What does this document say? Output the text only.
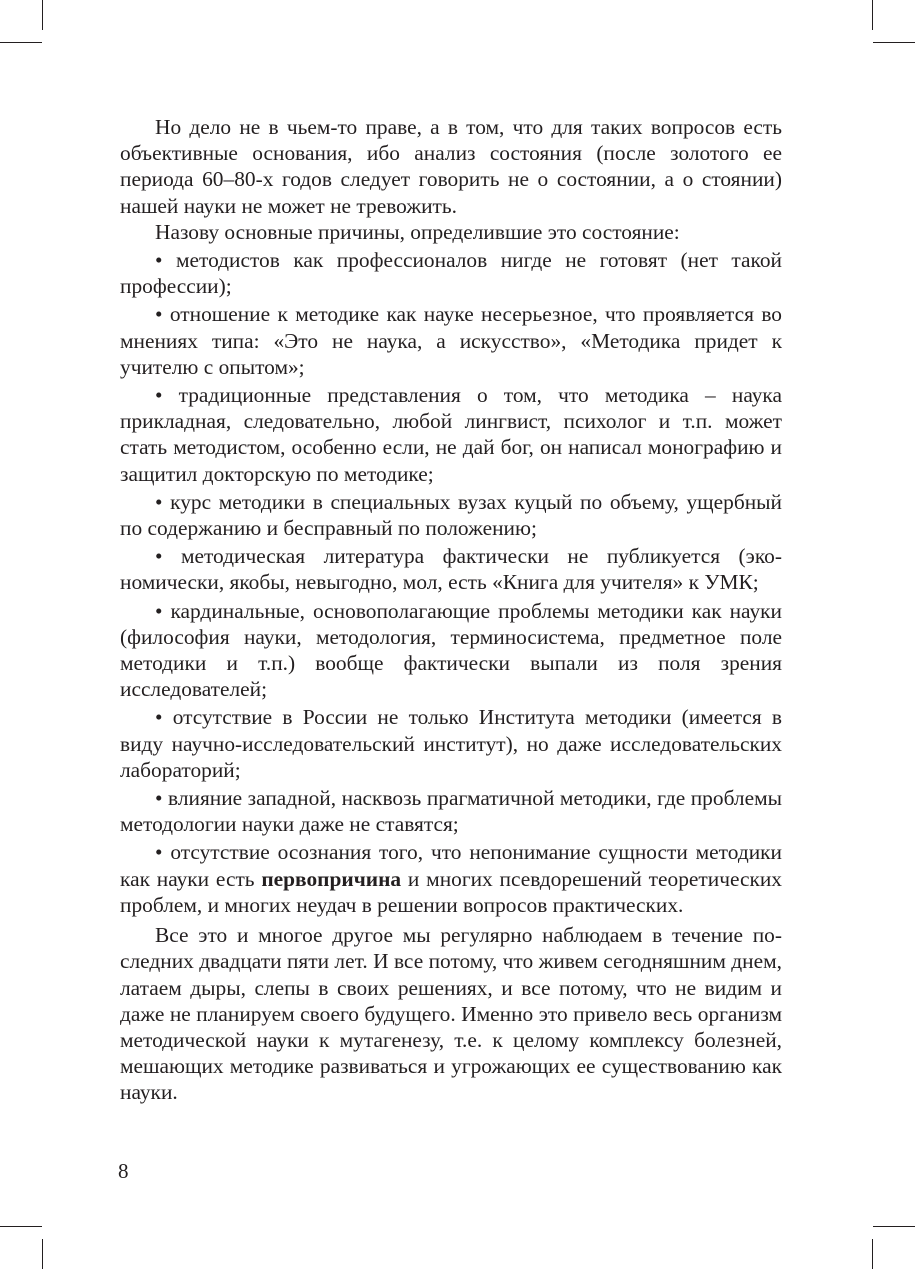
Но дело не в чьем-то праве, а в том, что для таких вопросов есть объективные основания, ибо анализ состояния (после золотого ее периода 60–80-х годов следует говорить не о состоянии, а о стоянии) нашей науки не может не тревожить.

Назову основные причины, определившие это состояние:

• методистов как профессионалов нигде не готовят (нет такой профессии);

• отношение к методике как науке несерьезное, что проявляется во мнениях типа: «Это не наука, а искусство», «Методика придет к учителю с опытом»;

• традиционные представления о том, что методика – наука прикладная, следовательно, любой лингвист, психолог и т.п. может стать методистом, особенно если, не дай бог, он написал монографию и защитил докторскую по методике;

• курс методики в специальных вузах куцый по объему, ущербный по содержанию и бесправный по положению;

• методическая литература фактически не публикуется (экономически, якобы, невыгодно, мол, есть «Книга для учителя» к УМК;

• кардинальные, основополагающие проблемы методики как науки (философия науки, методология, терминосистема, предметное поле методики и т.п.) вообще фактически выпали из поля зрения исследователей;

• отсутствие в России не только Института методики (имеется в виду научно-исследовательский институт), но даже исследовательских лабораторий;

• влияние западной, насквозь прагматичной методики, где проблемы методологии науки даже не ставятся;

• отсутствие осознания того, что непонимание сущности методики как науки есть первопричина и многих псевдорешений теоретических проблем, и многих неудач в решении вопросов практических.

Все это и многое другое мы регулярно наблюдаем в течение последних двадцати пяти лет. И все потому, что живем сегодняшним днем, латаем дыры, слепы в своих решениях, и все потому, что не видим и даже не планируем своего будущего. Именно это привело весь организм методической науки к мутагенезу, т.е. к целому комплексу болезней, мешающих методике развиваться и угрожающих ее существованию как науки.

8
